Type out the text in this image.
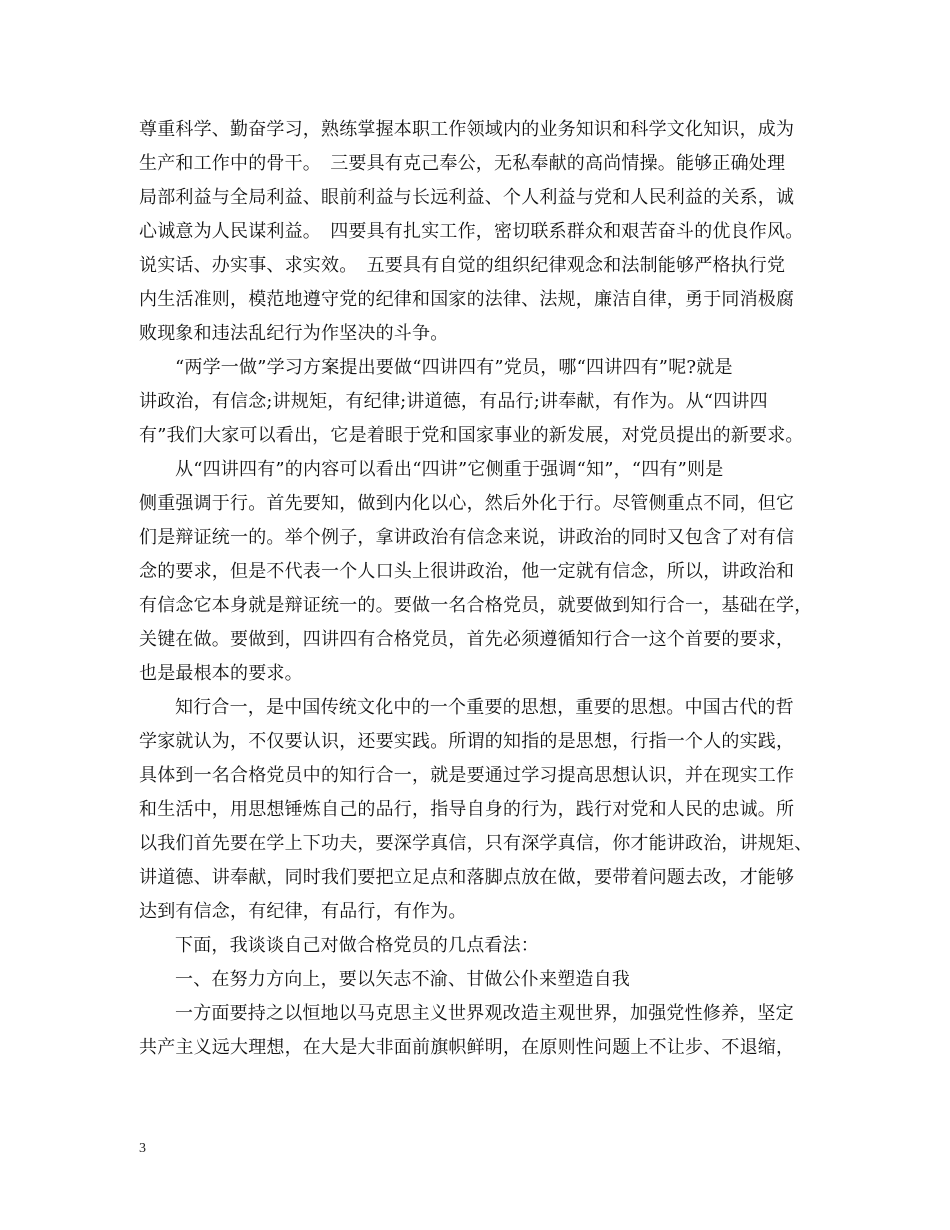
尊重科学、勤奋学习，熟练掌握本职工作领域内的业务知识和科学文化知识，成为
生产和工作中的骨干。　三要具有克己奉公，无私奉献的高尚情操。能够正确处理
局部利益与全局利益、眼前利益与长远利益、个人利益与党和人民利益的关系，诚
心诚意为人民谋利益。　四要具有扎实工作，密切联系群众和艰苦奋斗的优良作风。
说实话、办实事、求实效。　五要具有自觉的组织纪律观念和法制能够严格执行党
内生活准则，模范地遵守党的纪律和国家的法律、法规，廉洁自律，勇于同消极腐
败现象和违法乱纪行为作坚决的斗争。
“两学一做”学习方案提出要做“四讲四有”党员，哪“四讲四有”呢?就是
讲政治，有信念;讲规矩，有纪律;讲道德，有品行;讲奉献，有作为。从“四讲四
有”我们大家可以看出，它是着眼于党和国家事业的新发展，对党员提出的新要求。
从“四讲四有”的内容可以看出“四讲”它侧重于强调“知”，“四有”则是
侧重强调于行。首先要知，做到内化以心，然后外化于行。尽管侧重点不同，但它
们是辩证统一的。举个例子，拿讲政治有信念来说，讲政治的同时又包含了对有信
念的要求，但是不代表一个人口头上很讲政治，他一定就有信念，所以，讲政治和
有信念它本身就是辩证统一的。要做一名合格党员，就要做到知行合一，基础在学，
关键在做。要做到，四讲四有合格党员，首先必须遵循知行合一这个首要的要求，
也是最根本的要求。
知行合一，是中国传统文化中的一个重要的思想，重要的思想。中国古代的哲
学家就认为，不仅要认识，还要实践。所谓的知指的是思想，行指一个人的实践，
具体到一名合格党员中的知行合一，就是要通过学习提高思想认识，并在现实工作
和生活中，用思想锤炼自己的品行，指导自身的行为，践行对党和人民的忠诚。所
以我们首先要在学上下功夫，要深学真信，只有深学真信，你才能讲政治，讲规矩、
讲道德、讲奉献，同时我们要把立足点和落脚点放在做，要带着问题去改，才能够
达到有信念，有纪律，有品行，有作为。
下面，我谈谈自己对做合格党员的几点看法：
一、在努力方向上，要以矢志不渝、甘做公仆来塑造自我
一方面要持之以恒地以马克思主义世界观改造主观世界，加强党性修养，坚定
共产主义远大理想，在大是大非面前旗帜鲜明，在原则性问题上不让步、不退缩，
3
